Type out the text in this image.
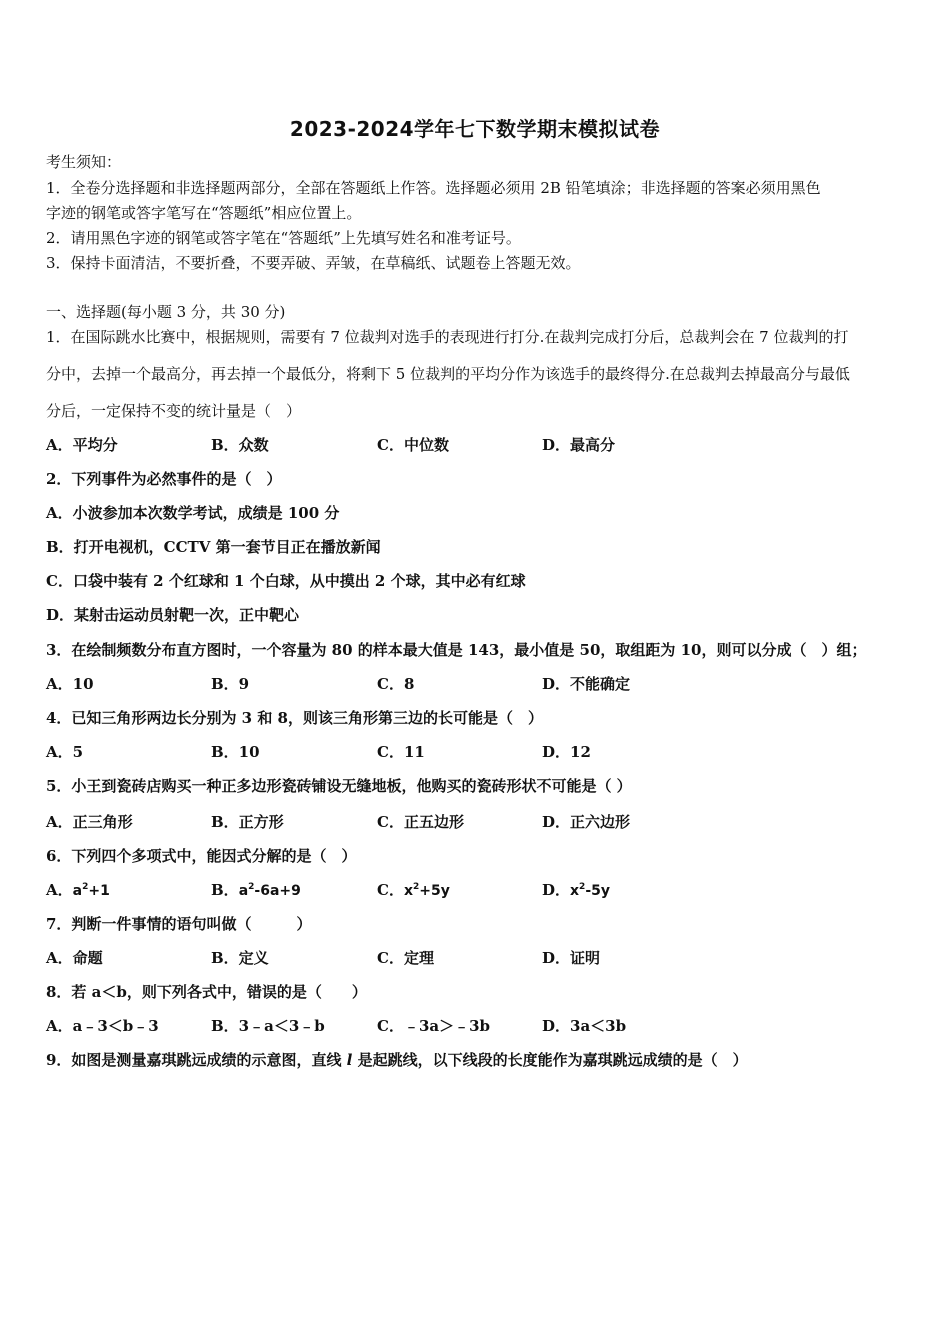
2023-2024学年七下数学期末模拟试卷
考生须知：
1．全卷分选择题和非选择题两部分，全部在答题纸上作答。选择题必须用 2B 铅笔填涂；非选择题的答案必须用黑色
字迹的钢笔或答字笔写在“答题纸”相应位置上。
2．请用黑色字迹的钢笔或答字笔在“答题纸”上先填写姓名和准考证号。
3．保持卡面清洁，不要折叠，不要弄破、弄皱，在草稿纸、试题卷上答题无效。
一、选择题(每小题 3 分，共 30 分)
1．在国际跳水比赛中，根据规则，需要有 7 位裁判对选手的表现进行打分.在裁判完成打分后，总裁判会在 7 位裁判的打
分中，去掉一个最高分，再去掉一个最低分，将剩下 5 位裁判的平均分作为该选手的最终得分.在总裁判去掉最高分与最低
分后，一定保持不变的统计量是（　）
A．平均分	B．众数	C．中位数	D．最高分
2．下列事件为必然事件的是（　）
A．小波参加本次数学考试，成绩是 100 分
B．打开电视机，CCTV 第一套节目正在播放新闻
C．口袋中装有 2 个红球和 1 个白球，从中摸出 2 个球，其中必有红球
D．某射击运动员射靶一次，正中靶心
3．在绘制频数分布直方图时，一个容量为 80 的样本最大值是 143，最小值是 50，取组距为 10，则可以分成（　）组；
A．10	B．9	C．8	D．不能确定
4．已知三角形两边长分别为 3 和 8，则该三角形第三边的长可能是（　）
A．5	B．10	C．11	D．12
5．小王到瓷砖店购买一种正多边形瓷砖铺设无缝地板，他购买的瓷砖形状不可能是（ ）
A．正三角形	B．正方形	C．正五边形	D．正六边形
6．下列四个多项式中，能因式分解的是（　）
A．$a^2+1$	B．$a^2-6a+9$	C．$x^2+5y$	D．$x^2-5y$
7．判断一件事情的语句叫做（　　　）
A．命题	B．定义	C．定理	D．证明
8．若 a＜b，则下列各式中，错误的是（　　）
A．a﹣3＜b﹣3	B．3﹣a＜3﹣b	C．﹣3a＞﹣3b	D．3a＜3b
9．如图是测量嘉琪跳远成绩的示意图，直线 l 是起跳线，以下线段的长度能作为嘉琪跳远成绩的是（　）
